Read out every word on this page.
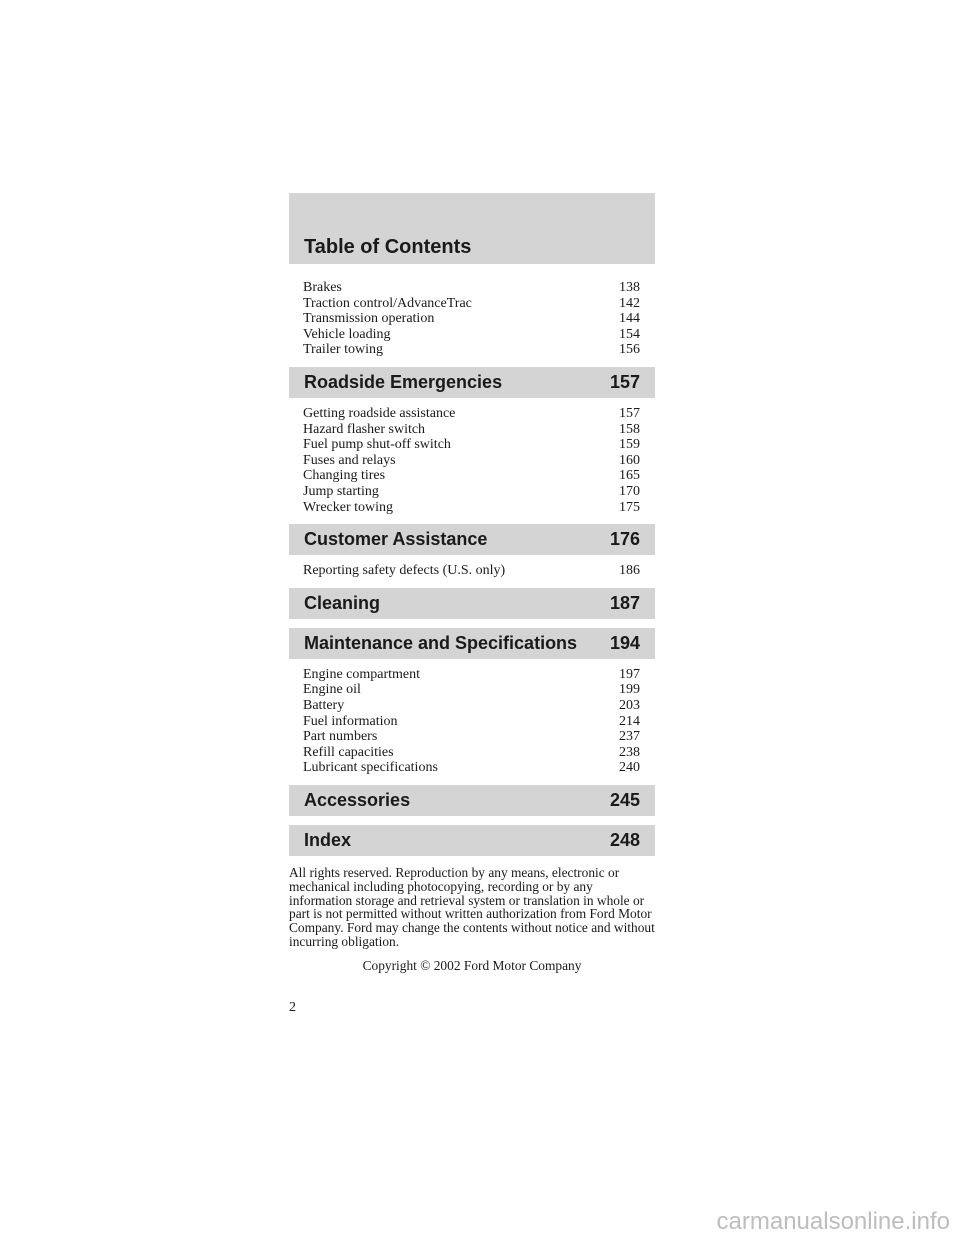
Table of Contents
Brakes	138
Traction control/AdvanceTrac	142
Transmission operation	144
Vehicle loading	154
Trailer towing	156
Roadside Emergencies	157
Getting roadside assistance	157
Hazard flasher switch	158
Fuel pump shut-off switch	159
Fuses and relays	160
Changing tires	165
Jump starting	170
Wrecker towing	175
Customer Assistance	176
Reporting safety defects (U.S. only)	186
Cleaning	187
Maintenance and Specifications 194
Engine compartment	197
Engine oil	199
Battery	203
Fuel information	214
Part numbers	237
Refill capacities	238
Lubricant specifications	240
Accessories	245
Index	248
All rights reserved. Reproduction by any means, electronic or mechanical including photocopying, recording or by any information storage and retrieval system or translation in whole or part is not permitted without written authorization from Ford Motor Company. Ford may change the contents without notice and without incurring obligation.
Copyright © 2002 Ford Motor Company
2
carmanualsonline.info
